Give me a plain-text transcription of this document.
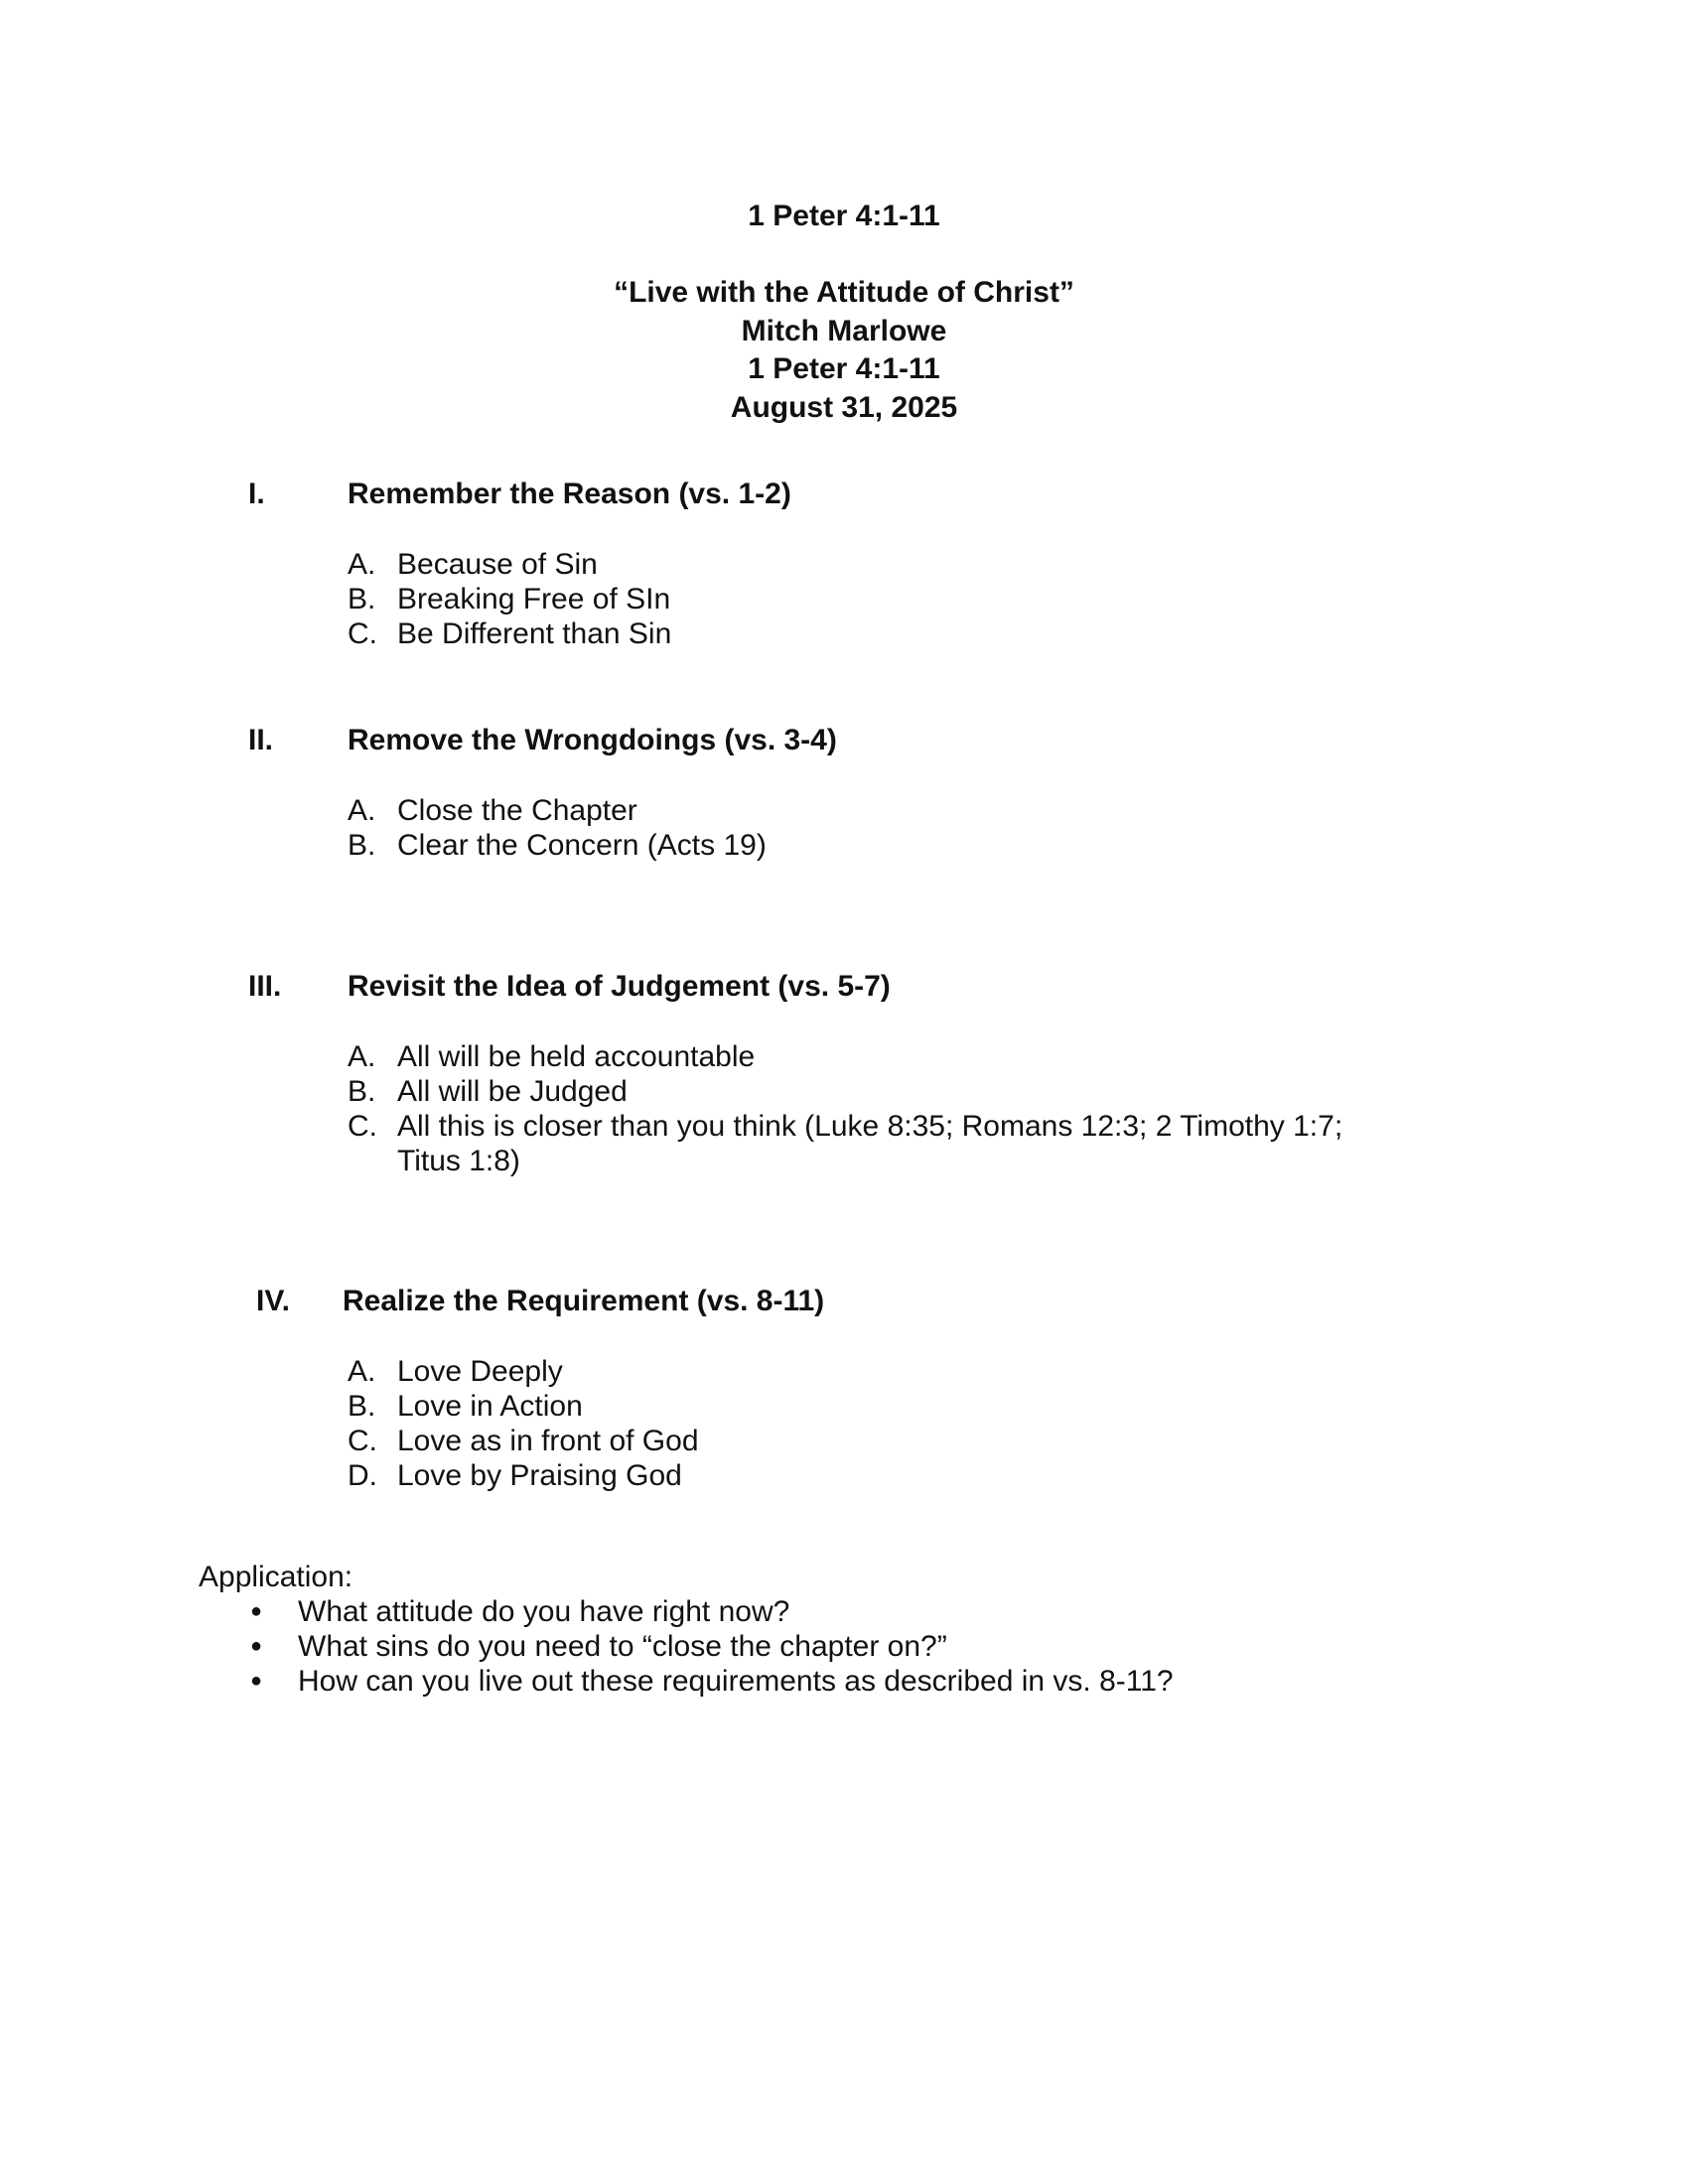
1 Peter 4:1-11
“Live with the Attitude of Christ”
Mitch Marlowe
1 Peter 4:1-11
August 31, 2025
I.	Remember the Reason (vs. 1-2)
A. Because of Sin
B. Breaking Free of SIn
C. Be Different than Sin
II. Remove the Wrongdoings (vs. 3-4)
A. Close the Chapter
B. Clear the Concern (Acts 19)
III. Revisit the Idea of Judgement (vs. 5-7)
A. All will be held accountable
B. All will be Judged
C. All this is closer than you think (Luke 8:35; Romans 12:3; 2 Timothy 1:7; Titus 1:8)
IV. Realize the Requirement (vs. 8-11)
A. Love Deeply
B. Love in Action
C. Love as in front of God
D. Love by Praising God
Application:
●	What attitude do you have right now?
●	What sins do you need to “close the chapter on?”
●	How can you live out these requirements as described in vs. 8-11?
